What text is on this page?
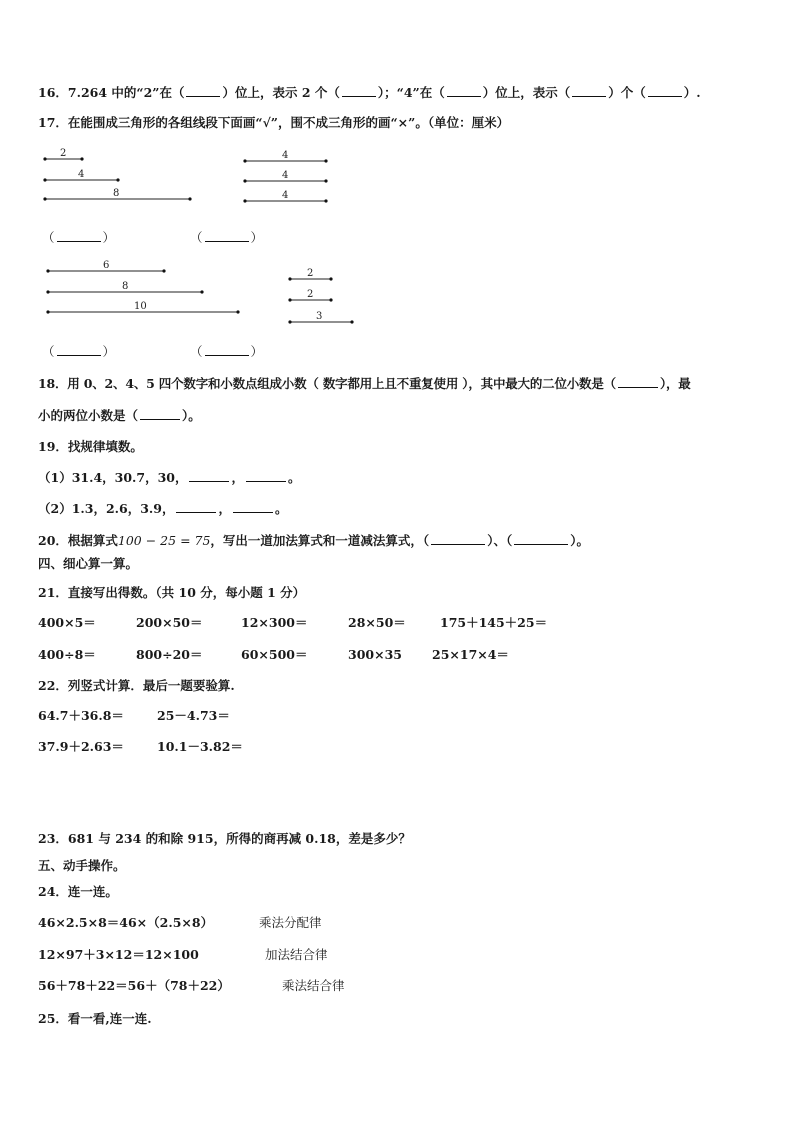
16．7.264 中的“2”在（	）位上，表示 2 个（	）；“4”在（	）位上，表示（	）个（	）.
17．在能围成三角形的各组线段下面画“√”，围不成三角形的画“×”。（单位：厘米）
2
4
8
4
4
4
6
8
10
2
2
3
（	）	（	）
（	）	（	）
18．用 0、2、4、5 四个数字和小数点组成小数（ 数字都用上且不重复使用 ），其中最大的二位小数是（	），最
小的两位小数是（	）。
19．找规律填数。
（1）31.4，30.7，30，	，	。
（2）1.3，2.6，3.9，	，	。
20．根据算式100 − 25 = 75，写出一道加法算式和一道减法算式，（	）、（	）。
四、细心算一算。
21．直接写出得数。（共 10 分，每小题 1 分）
400×5＝	200×50＝	12×300＝	28×50＝	175＋145＋25＝
400÷8＝	800÷20＝	60×500＝	300×35 25×17×4＝
22．列竖式计算．最后一题要验算.
64.7＋36.8＝	25－4.73＝
37.9＋2.63＝	10.1－3.82＝
23．681 与 234 的和除 915，所得的商再减 0.18，差是多少？
五、动手操作。
24．连一连。
46×2.5×8＝46×（2.5×8）
12×97＋3×12＝12×100
56＋78＋22＝56＋（78＋22）
乘法分配律
加法结合律
乘法结合律
25．看一看,连一连.
